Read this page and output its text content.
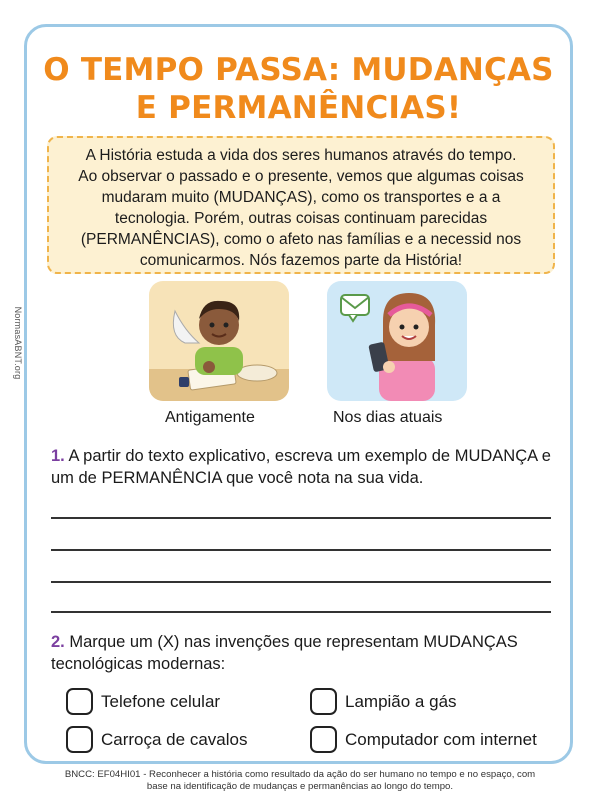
NormasABNT.org
O TEMPO PASSA: MUDANÇAS
E PERMANÊNCIAS!
A História estuda a vida dos seres humanos através do tempo.
Ao observar o passado e o presente, vemos que algumas coisas
mudaram muito (MUDANÇAS), como os transportes e a a
tecnologia. Porém, outras coisas continuam parecidas
(PERMANÊNCIAS), como o afeto nas famílias e a necessid nos
comunicarmos. Nós fazemos parte da História!
Antigamente	Nos dias atuais
1. A partir do texto explicativo, escreva um exemplo de MUDANÇA e um de PERMANÊNCIA que você nota na sua vida.
2. Marque um (X) nas invenções que representam MUDANÇAS tecnológicas modernas:
Telefone celular	Lampião a gás
Carroça de cavalos	Computador com internet
BNCC: EF04HI01 - Reconhecer a história como resultado da ação do ser humano no tempo e no espaço, com
base na identificação de mudanças e permanências ao longo do tempo.
